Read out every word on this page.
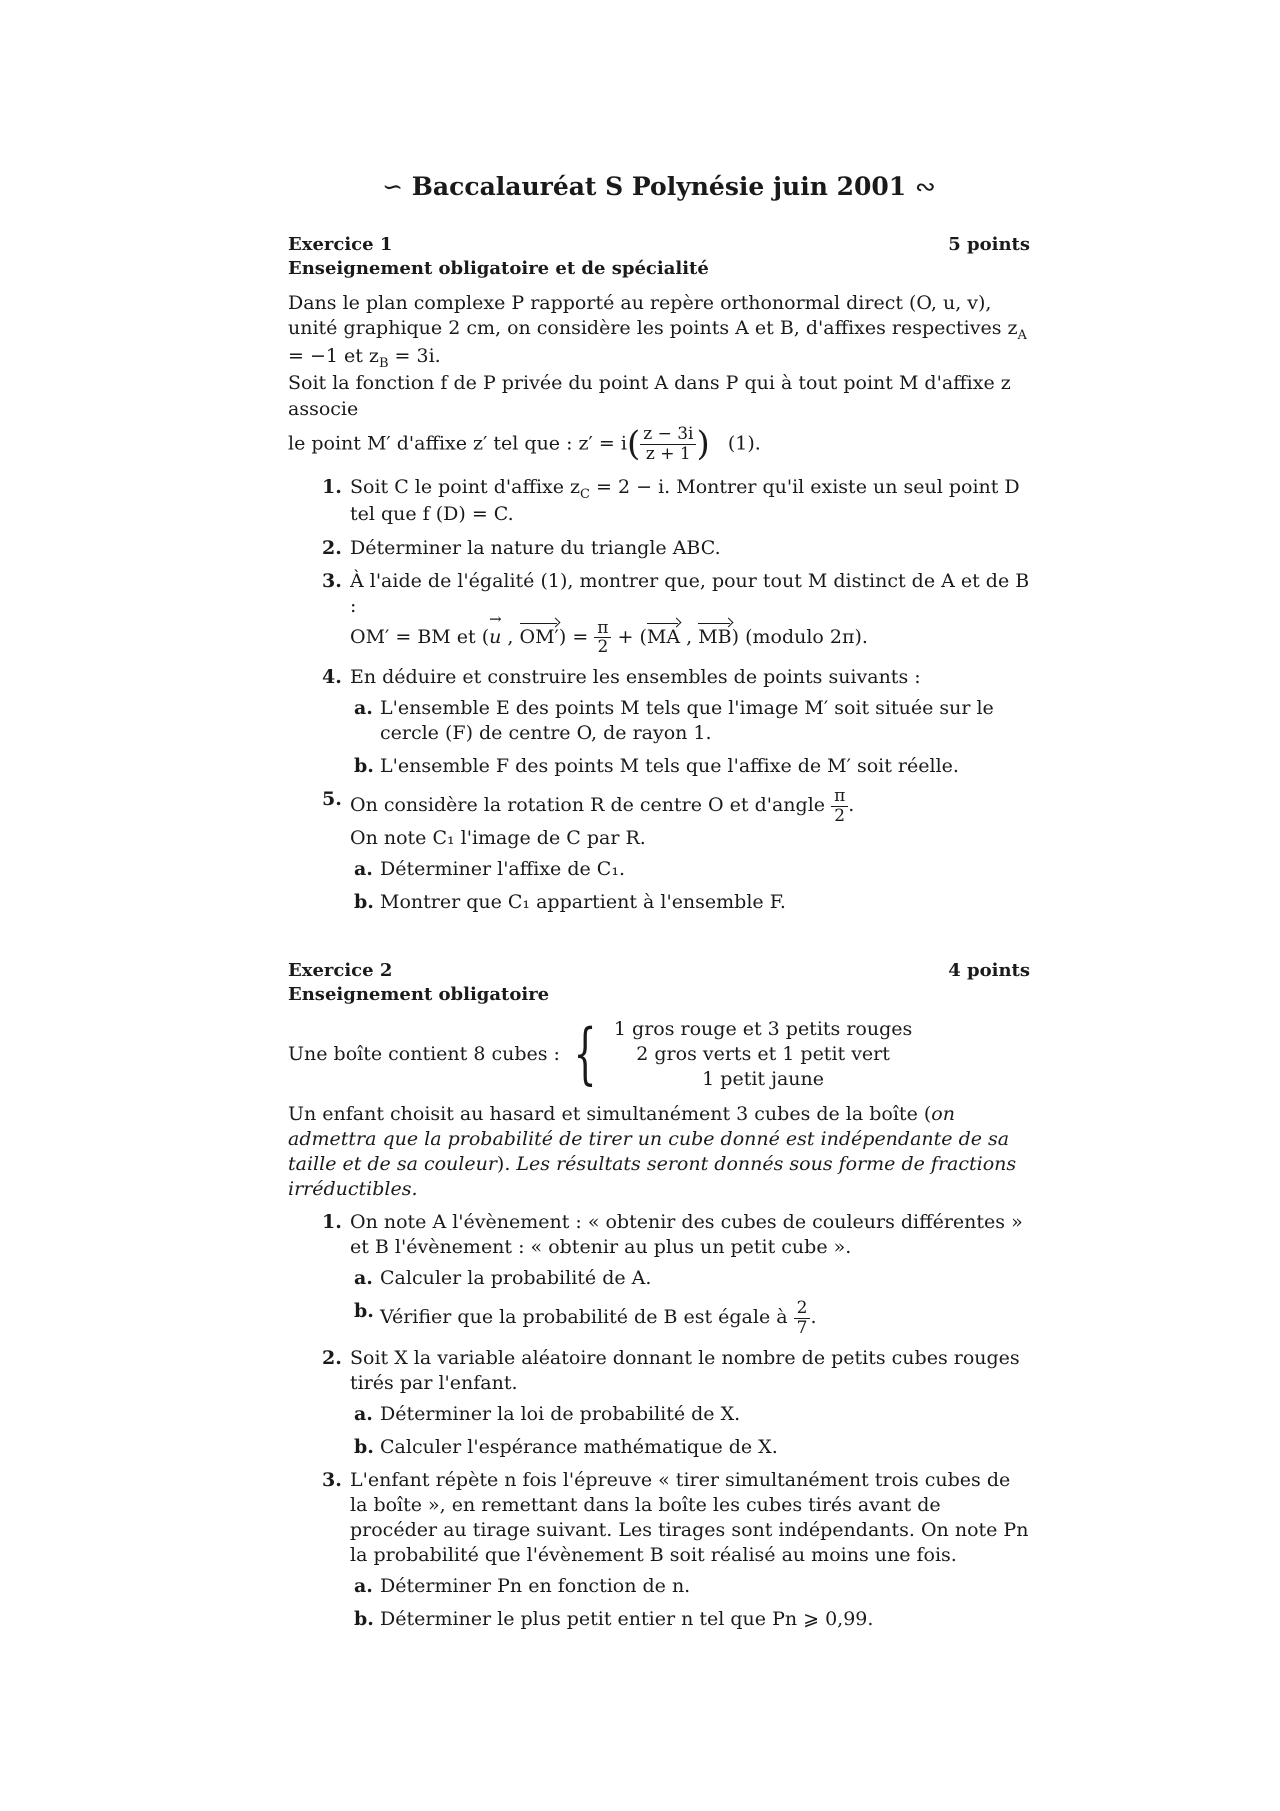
∽ Baccalauréat S Polynésie juin 2001 ∾
Exercice 1	5 points
Enseignement obligatoire et de spécialité

Dans le plan complexe P rapporté au repère orthonormal direct (O, u, v), unité graphique 2 cm, on considère les points A et B, d'affixes respectives $z_A = -1$ et $z_B = 3i$.

Soit la fonction f de P privée du point A dans P qui à tout point M d'affixe z associe

le point M′ d'affixe z′ tel que : $z' = i( \frac{z - 3i}{z + 1}$ ) (1).

1. Soit C le point d'affixe $z_C = 2 - i$. Montrer qu'il existe un seul point D tel que f (D) = C.
2. Déterminer la nature du triangle ABC.
3. À l'aide de l'égalité (1), montrer que, pour tout M distinct de A et de B :
OM′ = BM et (→ u , $OM') = \frac{\pi}{2} + (MA$ , MB) (modulo 2π).
4. En déduire et construire les ensembles de points suivants :
a. L'ensemble E des points M tels que l'image M′ soit située sur le cercle (F) de centre O, de rayon 1.
b. L'ensemble F des points M tels que l'affixe de M′ soit réelle.
5. On considère la rotation R de centre O et d'angle $\frac{\pi}{2}$ .
On note C₁ l'image de C par R.
a. Déterminer l'affixe de C₁.
b. Montrer que C₁ appartient à l'ensemble F.
Exercice 2	4 points
Enseignement obligatoire
Une boîte contient 8 cubes : { 1 gros rouge et 3 petits rouges
2 gros verts et 1 petit vert
1 petit jaune

Un enfant choisit au hasard et simultanément 3 cubes de la boîte (on admettra que la probabilité de tirer un cube donné est indépendante de sa taille et de sa couleur). Les résultats seront donnés sous forme de fractions irréductibles.

1. On note A l'évènement : « obtenir des cubes de couleurs différentes » et B l'évènement : « obtenir au plus un petit cube ».
a. Calculer la probabilité de A.
b. Vérifier que la probabilité de B est égale à $\frac{2}{7}$ .
2. Soit X la variable aléatoire donnant le nombre de petits cubes rouges tirés par l'enfant.
a. Déterminer la loi de probabilité de X.
b. Calculer l'espérance mathématique de X.
3. L'enfant répète n fois l'épreuve « tirer simultanément trois cubes de la boîte », en remettant dans la boîte les cubes tirés avant de procéder au tirage suivant. Les tirages sont indépendants. On note Pn la probabilité que l'évènement B soit réalisé au moins une fois.
a. Déterminer Pn en fonction de n.
b. Déterminer le plus petit entier n tel que Pn ⩾ 0,99.
